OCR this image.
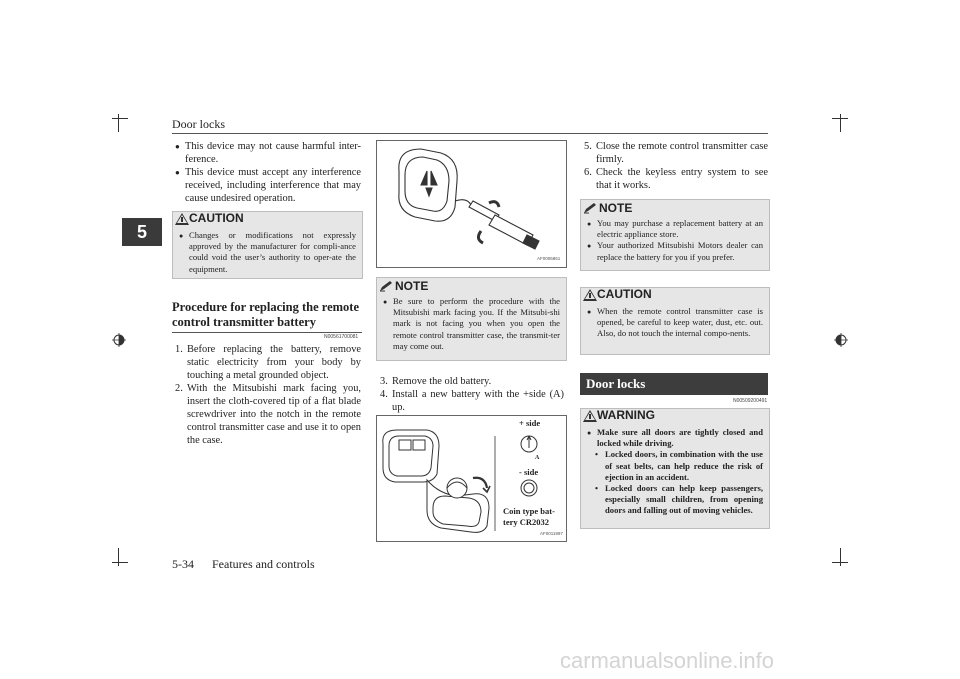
Door locks
5
● This device may not cause harmful inter-ference.
● This device must accept any interference received, including interference that may cause undesired operation.
CAUTION
● Changes or modifications not expressly approved by the manufacturer for compli-ance could void the user’s authority to oper-ate the equipment.
Procedure for replacing the remote control transmitter battery
N00561700081
1. Before replacing the battery, remove static electricity from your body by touching a metal grounded object.
2. With the Mitsubishi mark facing you, insert the cloth-covered tip of a flat blade screwdriver into the notch in the remote control transmitter case and use it to open the case.
AF0006861
NOTE
● Be sure to perform the procedure with the Mitsubishi mark facing you. If the Mitsubi-shi mark is not facing you when you open the remote control transmitter case, the transmit-ter may come out.
3. Remove the old battery.
4. Install a new battery with the +side (A) up.
+ side
A
- side
Coin type bat-tery CR2032
AF0011997
5. Close the remote control transmitter case firmly.
6. Check the keyless entry system to see that it works.
NOTE
● You may purchase a replacement battery at an electric appliance store.
● Your authorized Mitsubishi Motors dealer can replace the battery for you if you prefer.
CAUTION
● When the remote control transmitter case is opened, be careful to keep water, dust, etc. out. Also, do not touch the internal compo-nents.
Door locks
N00509200491
WARNING
● Make sure all doors are tightly closed and locked while driving.
• Locked doors, in combination with the use of seat belts, can help reduce the risk of ejection in an accident.
• Locked doors can help keep passengers, especially small children, from opening doors and falling out of moving vehicles.
5-34 Features and controls
carmanualsonline.info
